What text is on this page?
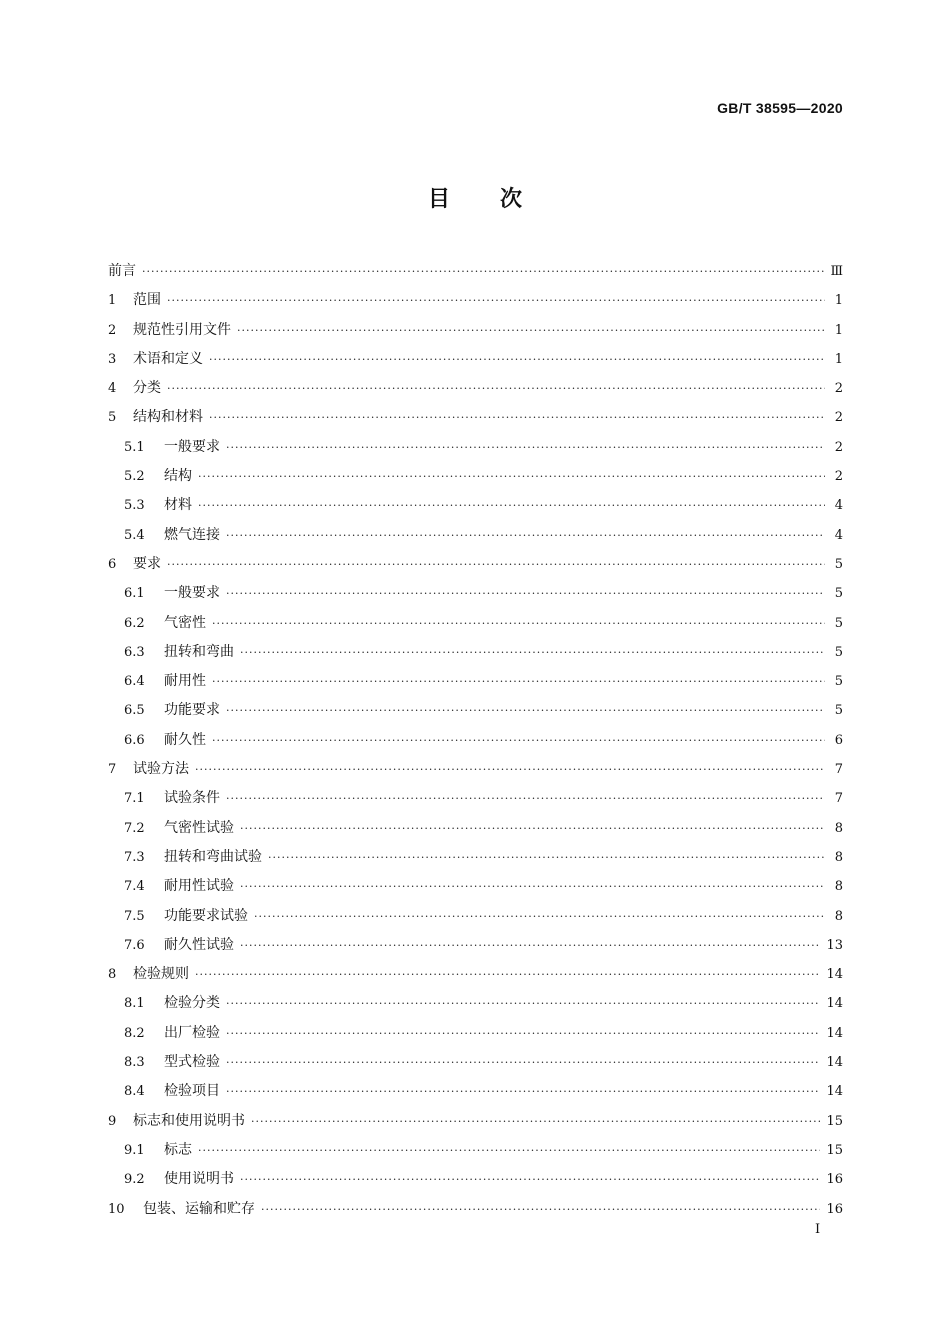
GB/T 38595—2020
目 次
前言 ·····	Ⅲ
1	范围 ·····	1
2	规范性引用文件 ·····	1
3	术语和定义 ·····	1
4	分类 ·····	2
5	结构和材料 ·····	2
5.1	一般要求 ·····	2
5.2	结构 ·····	2
5.3	材料 ·····	4
5.4	燃气连接 ·····	4
6	要求 ·····	5
6.1	一般要求 ·····	5
6.2	气密性 ·····	5
6.3	扭转和弯曲 ·····	5
6.4	耐用性 ·····	5
6.5	功能要求 ·····	5
6.6	耐久性 ·····	6
7	试验方法 ·····	7
7.1	试验条件 ·····	7
7.2	气密性试验 ·····	8
7.3	扭转和弯曲试验 ·····	8
7.4	耐用性试验 ·····	8
7.5	功能要求试验 ·····	8
7.6	耐久性试验 ·····	13
8	检验规则 ·····	14
8.1	检验分类 ·····	14
8.2	出厂检验 ·····	14
8.3	型式检验 ·····	14
8.4	检验项目 ·····	14
9	标志和使用说明书 ·····	15
9.1	标志 ·····	15
9.2	使用说明书 ·····	16
10	包装、运输和贮存 ·····	16
I
